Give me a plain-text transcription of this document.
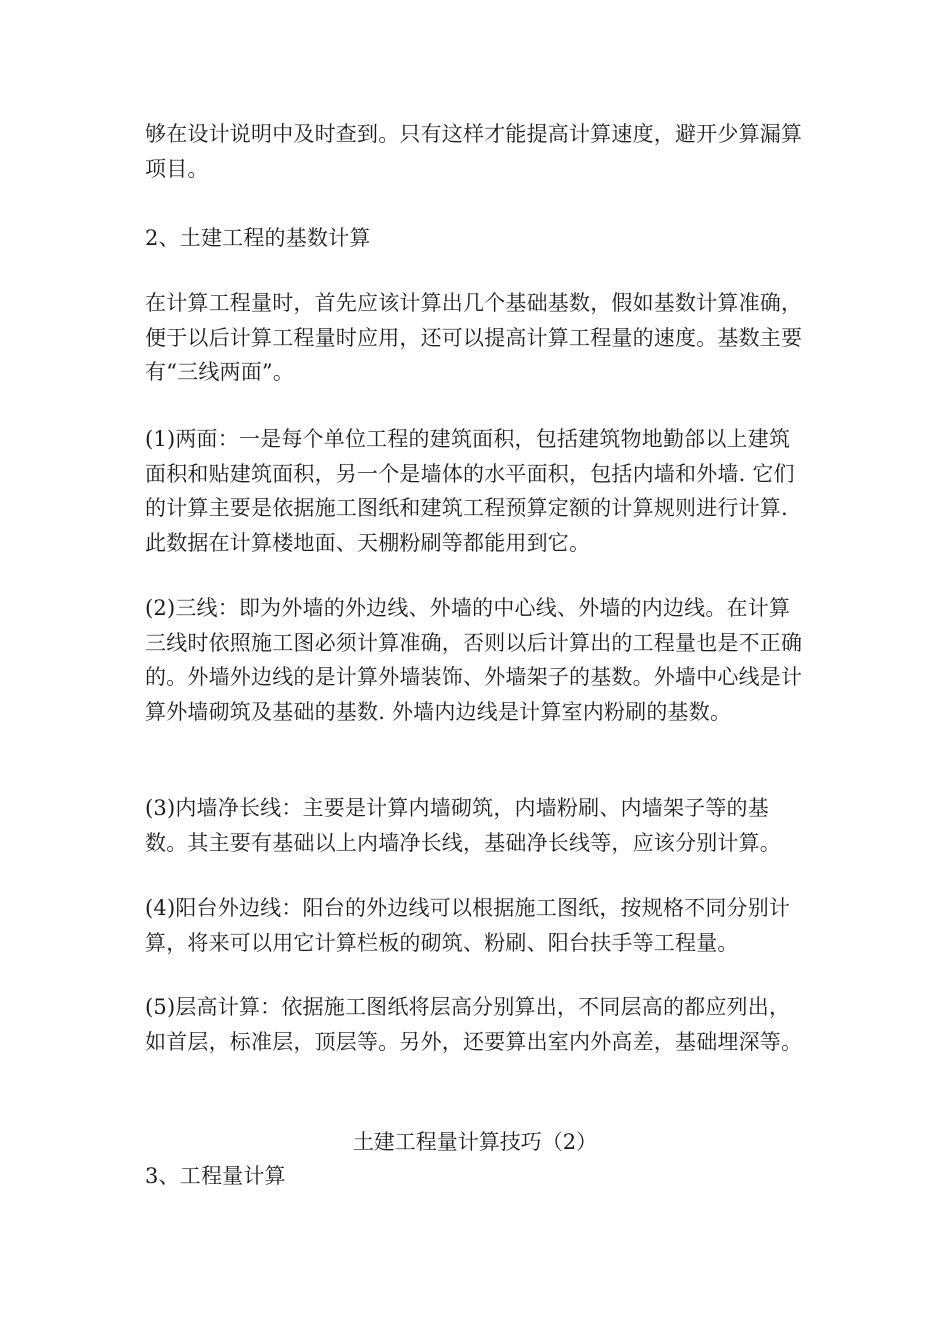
够在设计说明中及时查到。只有这样才能提高计算速度，避开少算漏算项目。
2、土建工程的基数计算
在计算工程量时，首先应该计算出几个基础基数，假如基数计算准确，便于以后计算工程量时应用，还可以提高计算工程量的速度。基数主要有“三线两面”。
(1)两面：一是每个单位工程的建筑面积，包括建筑物地勤郃以上建筑面积和贴建筑面积，另一个是墙体的水平面积，包括内墙和外墙. 它们的计算主要是依据施工图纸和建筑工程预算定额的计算规则进行计算. 此数据在计算楼地面、天棚粉刷等都能用到它。
(2)三线：即为外墙的外边线、外墙的中心线、外墙的内边线。在计算三线时依照施工图必须计算准确，否则以后计算出的工程量也是不正确的。外墙外边线的是计算外墙装饰、外墙架子的基数。外墙中心线是计算外墙砌筑及基础的基数. 外墙内边线是计算室内粉刷的基数。
(3)内墙净长线：主要是计算内墙砌筑，内墙粉刷、内墙架子等的基数。其主要有基础以上内墙净长线，基础净长线等，应该分别计算。
(4)阳台外边线：阳台的外边线可以根据施工图纸，按规格不同分别计算，将来可以用它计算栏板的砌筑、粉刷、阳台扶手等工程量。
(5)层高计算：依据施工图纸将层高分别算出，不同层高的都应列出，如首层，标准层，顶层等。另外，还要算出室内外高差，基础埋深等。
土建工程量计算技巧（2）
3、工程量计算
